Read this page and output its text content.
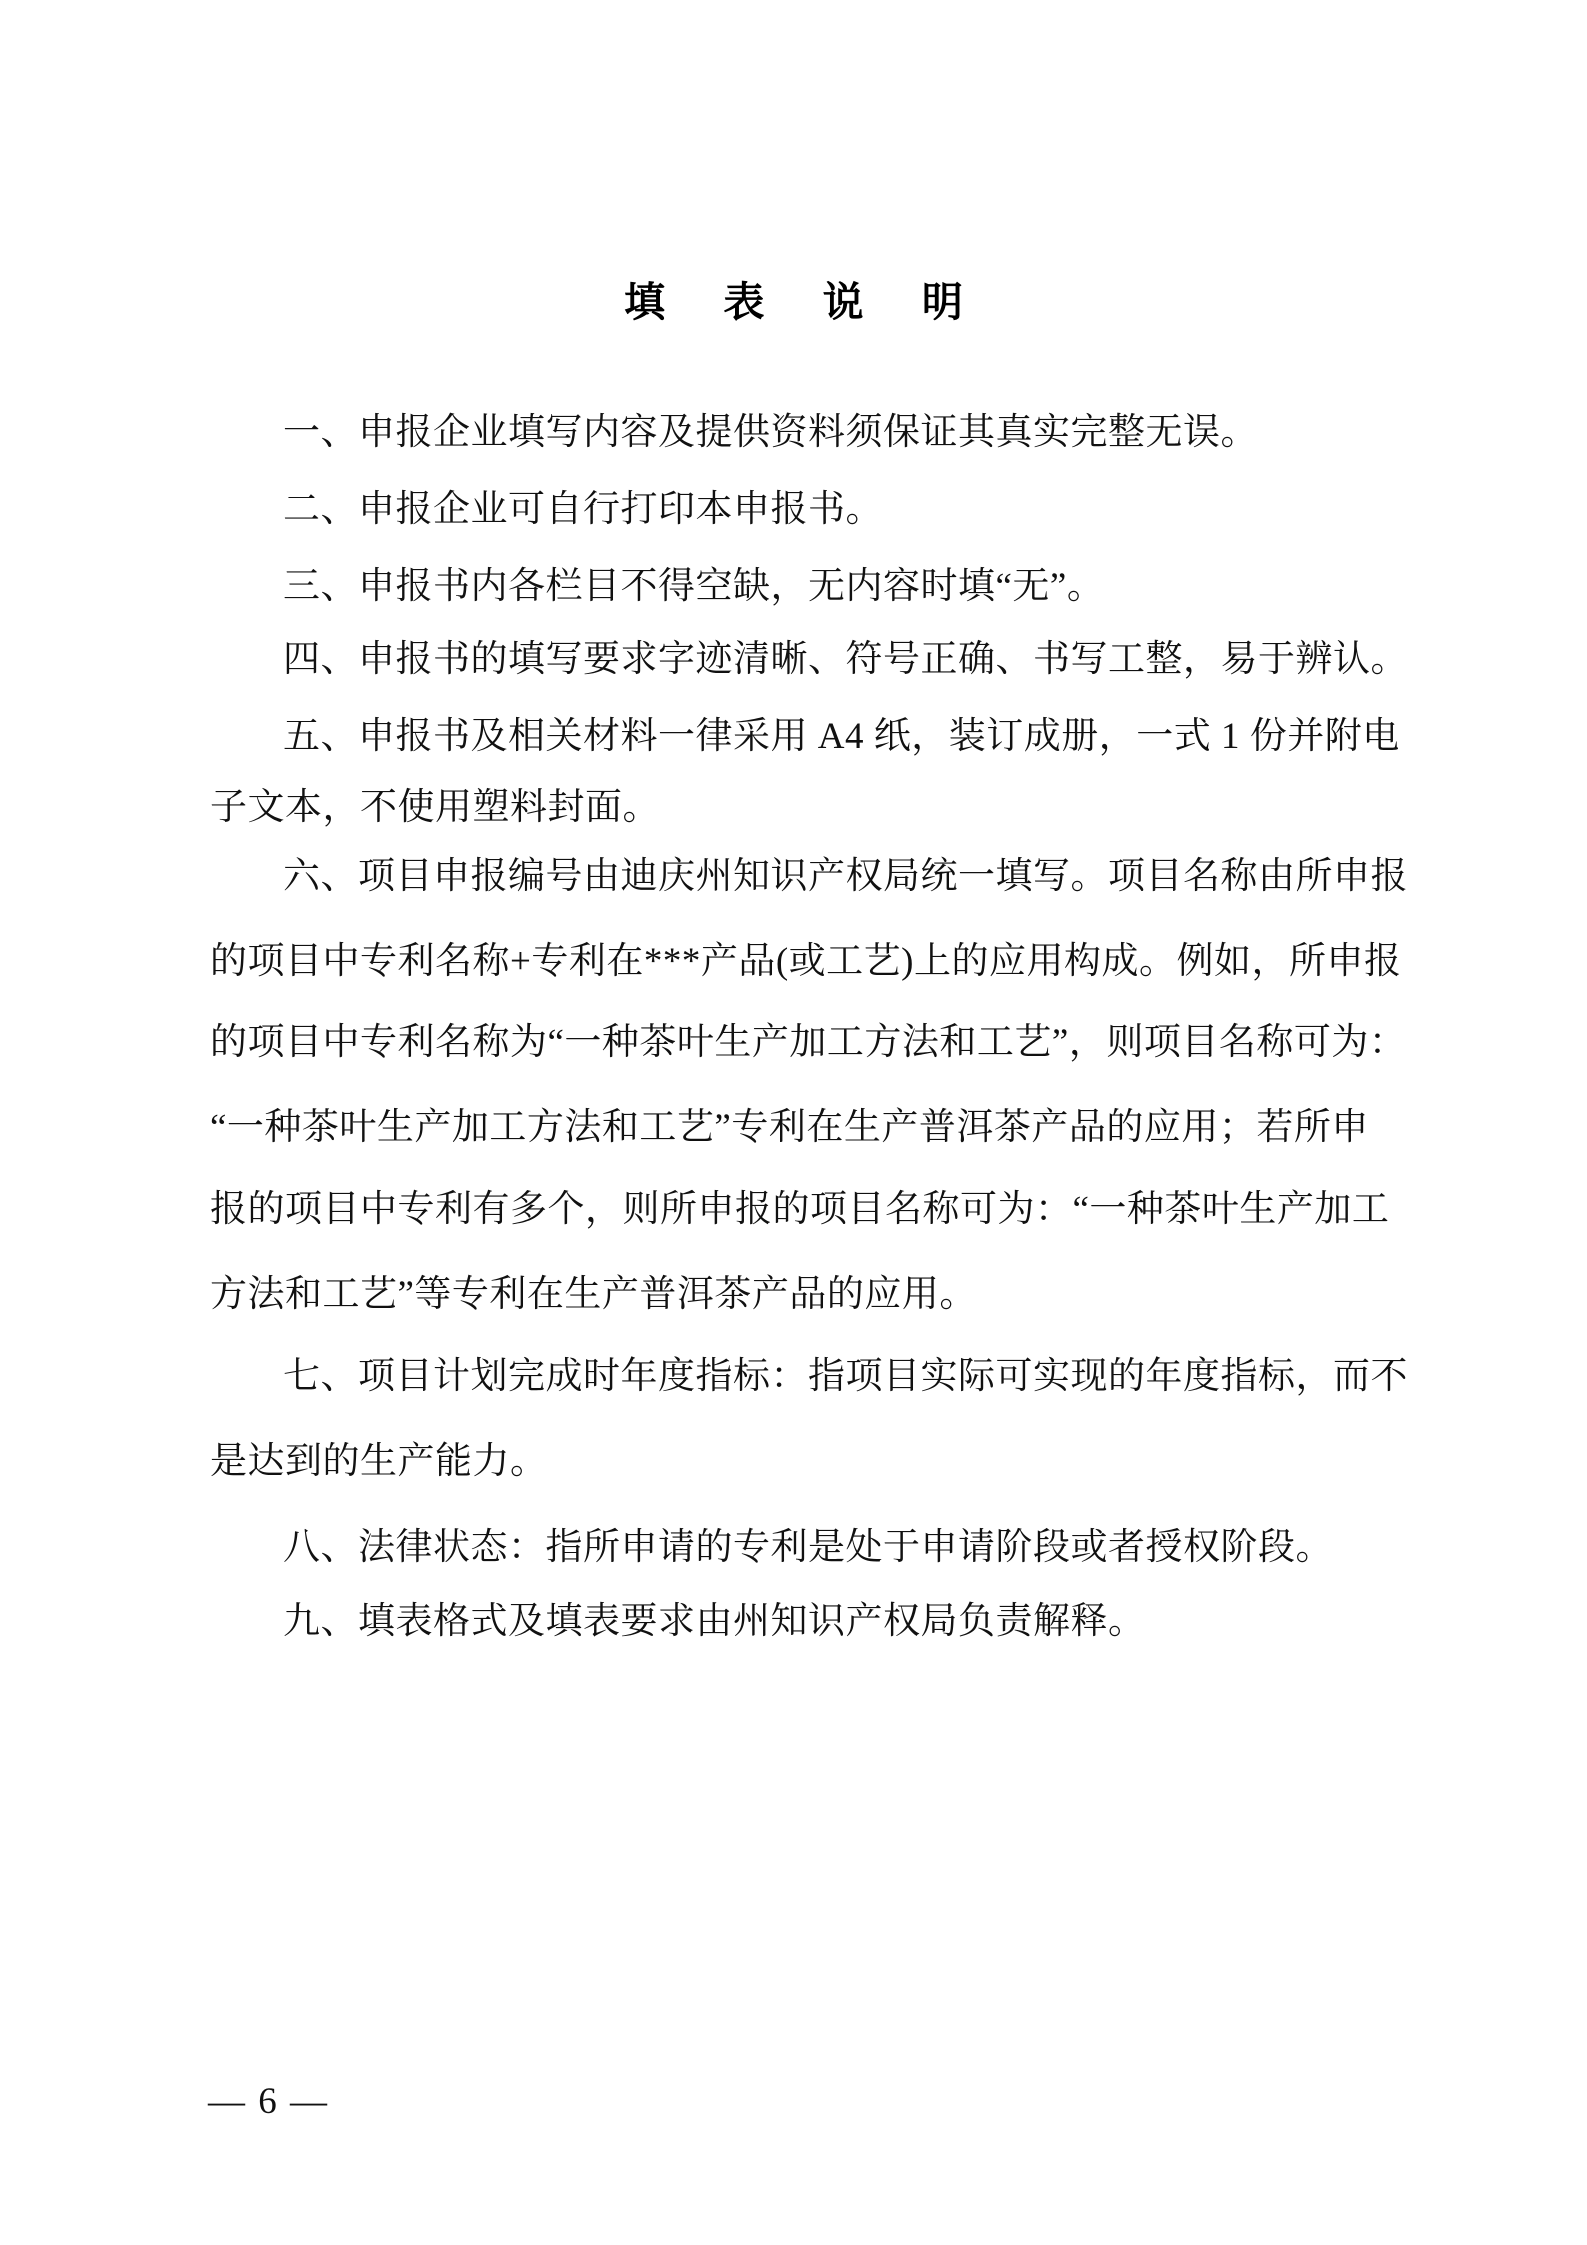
填 表 说 明
一、申报企业填写内容及提供资料须保证其真实完整无误。
二、申报企业可自行打印本申报书。
三、申报书内各栏目不得空缺，无内容时填“无”。
四、申报书的填写要求字迹清晰、符号正确、书写工整，易于辨认。
五、申报书及相关材料一律采用 A4 纸，装订成册，一式 1 份并附电
子文本，不使用塑料封面。
六、项目申报编号由迪庆州知识产权局统一填写。项目名称由所申报
的项目中专利名称+专利在***产品(或工艺)上的应用构成。例如，所申报
的项目中专利名称为“一种茶叶生产加工方法和工艺”，则项目名称可为：
“一种茶叶生产加工方法和工艺”专利在生产普洱茶产品的应用；若所申
报的项目中专利有多个，则所申报的项目名称可为：“一种茶叶生产加工
方法和工艺”等专利在生产普洱茶产品的应用。
七、项目计划完成时年度指标：指项目实际可实现的年度指标，而不
是达到的生产能力。
八、法律状态：指所申请的专利是处于申请阶段或者授权阶段。
九、填表格式及填表要求由州知识产权局负责解释。
— 6 —
